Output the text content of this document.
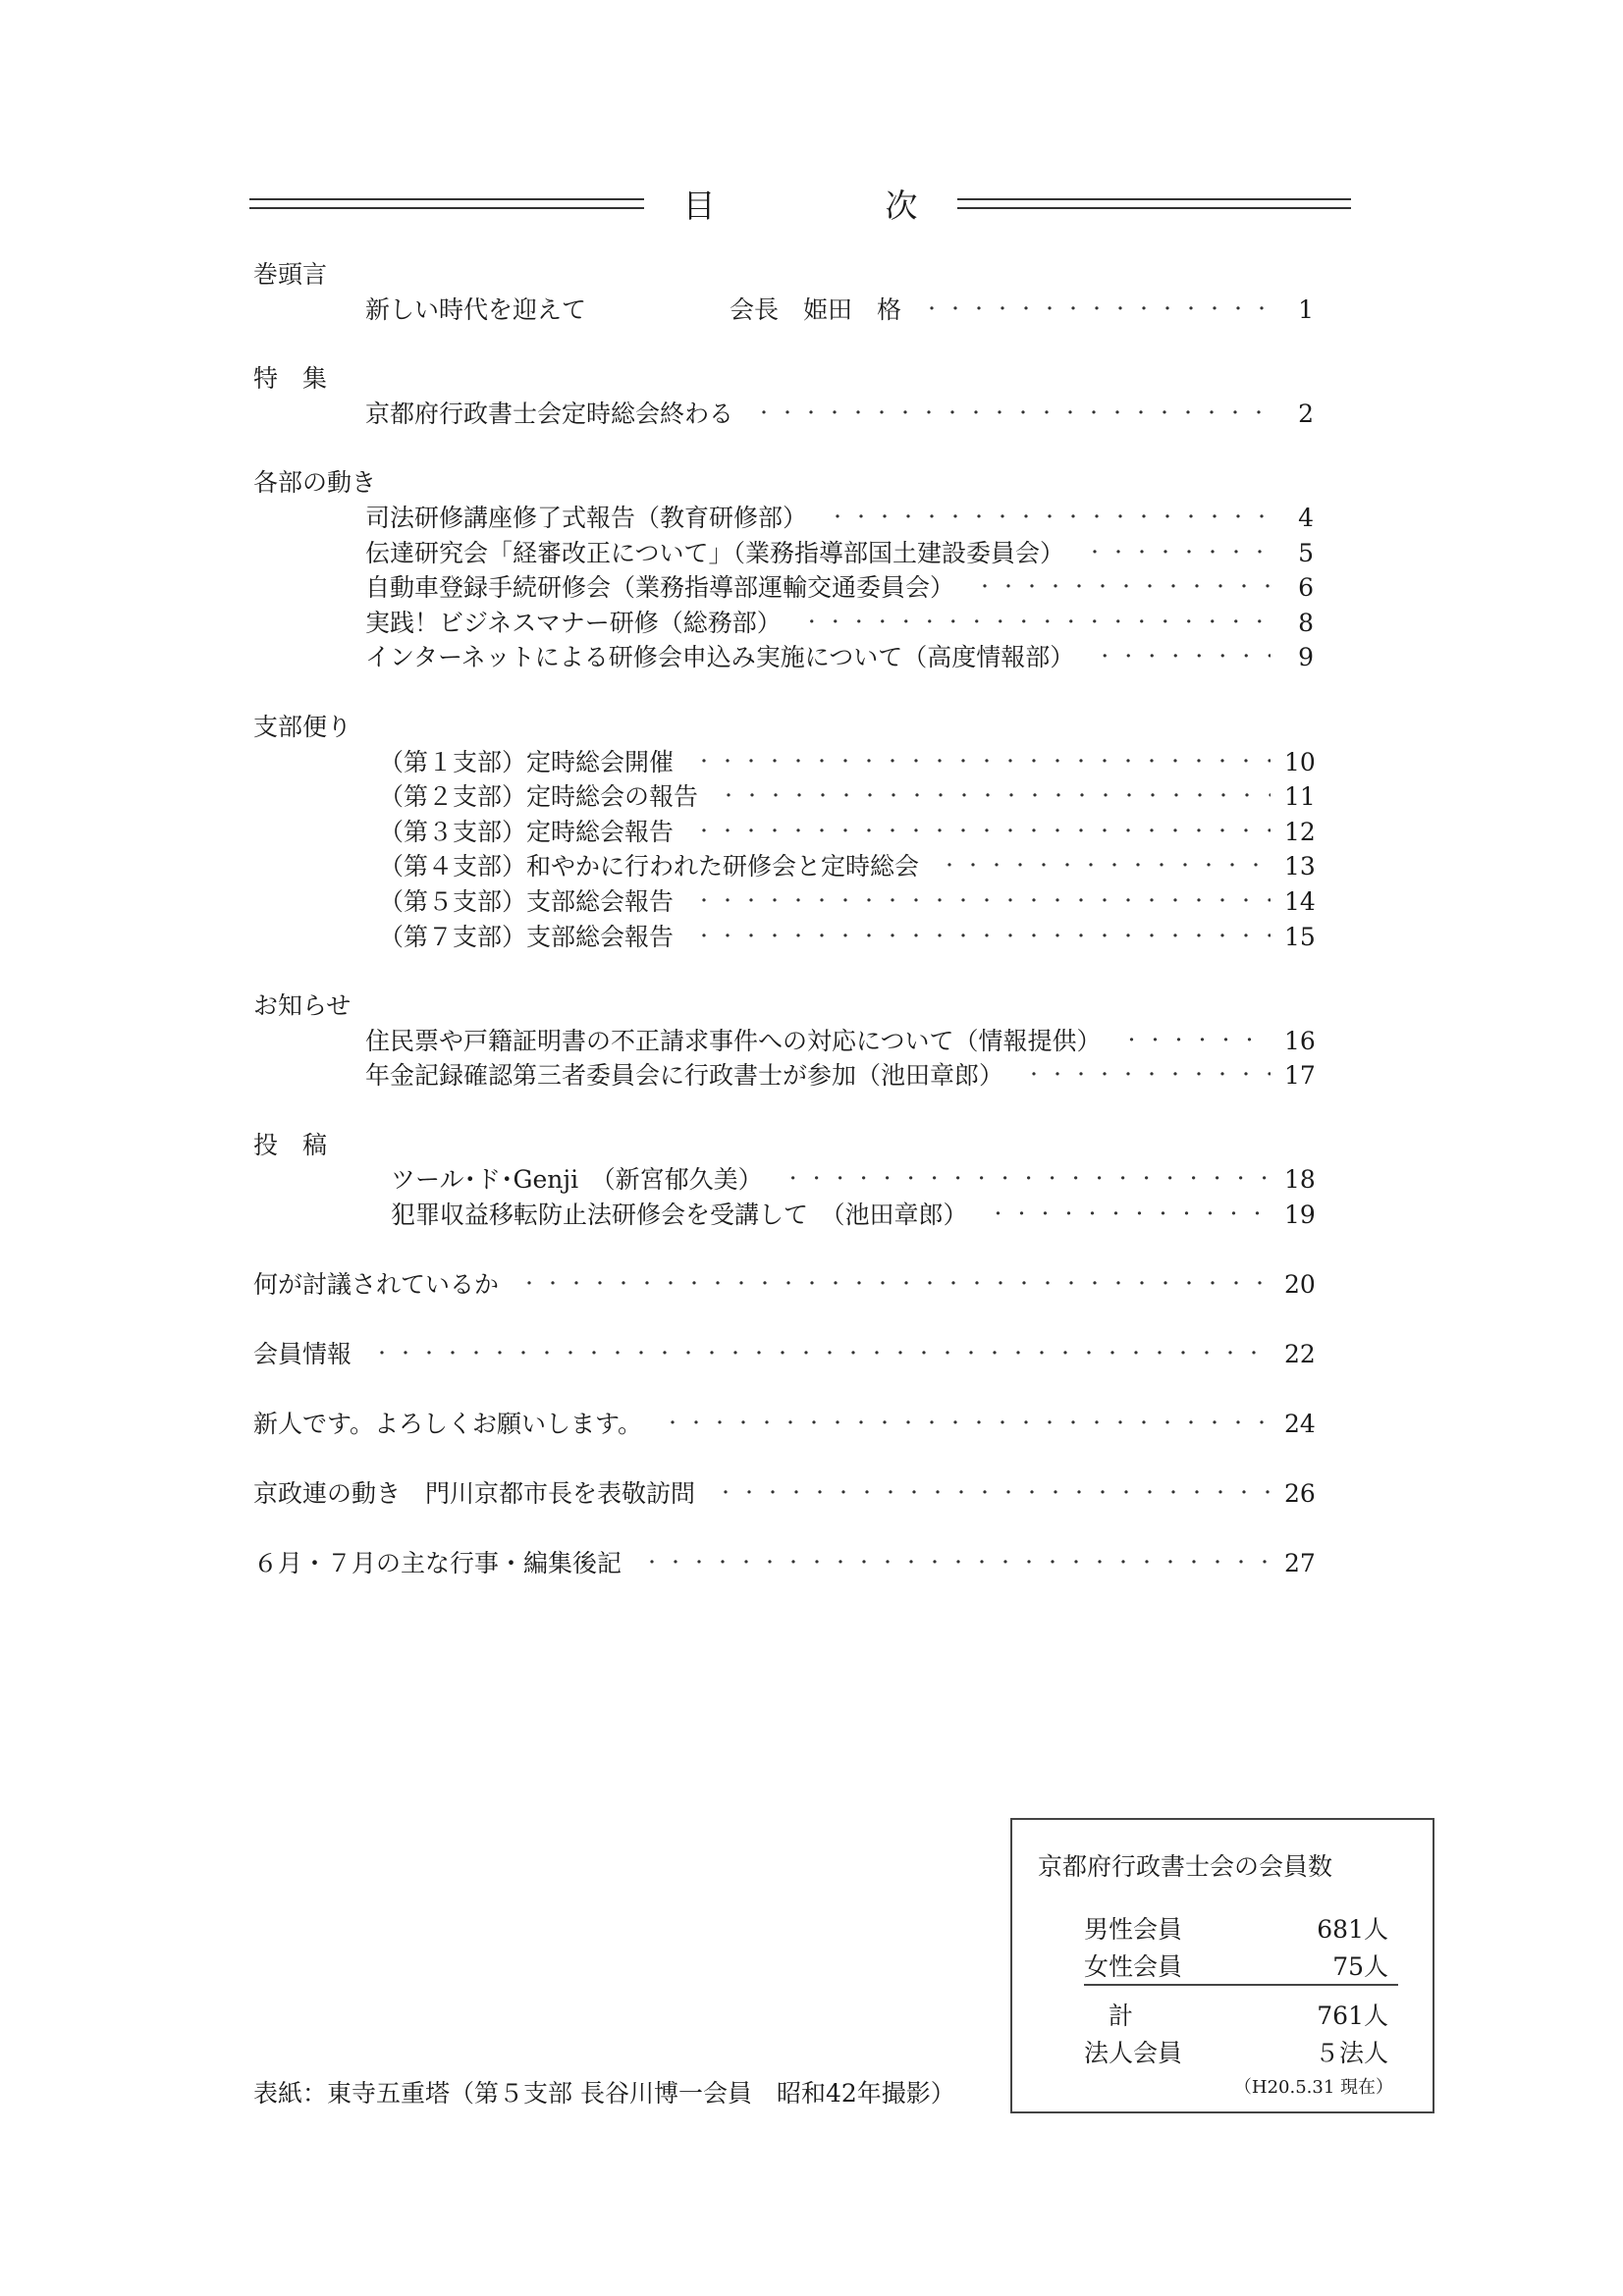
目　次
巻頭言
新しい時代を迎えて	会長　姫田　格 ・・・・・・・・・・・・・・・・・・・・・・・・・・・・・・・・・・・・・・・・・・・・・・・・・・・・・・・・・・・・・・・・・・・・・・・・・・・・・・・・・・・・・・・・・・・・・・・・・・・・・・・・・・・	1
特　集
京都府行政書士会定時総会終わる ・・・・・・・・・・・・・・・・・・・・・・・・・・・・・・・・・・・・・・・・・・・・・・・・・・・・・・・・・・・・・・・・・・・・・・・・・・・・・・・・・・・・・・・・・・・・・・・・・・・・・・・・・・・	2
各部の動き
司法研修講座修了式報告（教育研修部） ・・・・・・・・・・・・・・・・・・・・・・・・・・・・・・・・・・・・・・・・・・・・・・・・・・・・・・・・・・・・・・・・・・・・・・・・・・・・・・・・・・・・・・・・・・・・・・・・・・・・・・・・・・・	4
伝達研究会「経審改正について」（業務指導部国土建設委員会） ・・・・・・・・・・・・・・・・・・・・・・・・・・・・・・・・・・・・・・・・・・・・・・・・・・・・・・・・・・・・・・・・・・・・・・・・・・・・・・・・・・・・・・・・・・・・・・・・・・・・・・・・・・・	5
自動車登録手続研修会（業務指導部運輸交通委員会） ・・・・・・・・・・・・・・・・・・・・・・・・・・・・・・・・・・・・・・・・・・・・・・・・・・・・・・・・・・・・・・・・・・・・・・・・・・・・・・・・・・・・・・・・・・・・・・・・・・・・・・・・・・・	6
実践！ビジネスマナー研修（総務部） ・・・・・・・・・・・・・・・・・・・・・・・・・・・・・・・・・・・・・・・・・・・・・・・・・・・・・・・・・・・・・・・・・・・・・・・・・・・・・・・・・・・・・・・・・・・・・・・・・・・・・・・・・・・	8
インターネットによる研修会申込み実施について（高度情報部） ・・・・・・・・・・・・・・・・・・・・・・・・・・・・・・・・・・・・・・・・・・・・・・・・・・・・・・・・・・・・・・・・・・・・・・・・・・・・・・・・・・・・・・・・・・・・・・・・・・・・・・・・・・・	9
支部便り
（第１支部）定時総会開催 ・・・・・・・・・・・・・・・・・・・・・・・・・・・・・・・・・・・・・・・・・・・・・・・・・・・・・・・・・・・・・・・・・・・・・・・・・・・・・・・・・・・・・・・・・・・・・・・・・・・・・・・・・・・	10
（第２支部）定時総会の報告 ・・・・・・・・・・・・・・・・・・・・・・・・・・・・・・・・・・・・・・・・・・・・・・・・・・・・・・・・・・・・・・・・・・・・・・・・・・・・・・・・・・・・・・・・・・・・・・・・・・・・・・・・・・・	11
（第３支部）定時総会報告 ・・・・・・・・・・・・・・・・・・・・・・・・・・・・・・・・・・・・・・・・・・・・・・・・・・・・・・・・・・・・・・・・・・・・・・・・・・・・・・・・・・・・・・・・・・・・・・・・・・・・・・・・・・・	12
（第４支部）和やかに行われた研修会と定時総会 ・・・・・・・・・・・・・・・・・・・・・・・・・・・・・・・・・・・・・・・・・・・・・・・・・・・・・・・・・・・・・・・・・・・・・・・・・・・・・・・・・・・・・・・・・・・・・・・・・・・・・・・・・・・	13
（第５支部）支部総会報告 ・・・・・・・・・・・・・・・・・・・・・・・・・・・・・・・・・・・・・・・・・・・・・・・・・・・・・・・・・・・・・・・・・・・・・・・・・・・・・・・・・・・・・・・・・・・・・・・・・・・・・・・・・・・	14
（第７支部）支部総会報告 ・・・・・・・・・・・・・・・・・・・・・・・・・・・・・・・・・・・・・・・・・・・・・・・・・・・・・・・・・・・・・・・・・・・・・・・・・・・・・・・・・・・・・・・・・・・・・・・・・・・・・・・・・・・	15
お知らせ
住民票や戸籍証明書の不正請求事件への対応について（情報提供） ・・・・・・・・・・・・・・・・・・・・・・・・・・・・・・・・・・・・・・・・・・・・・・・・・・・・・・・・・・・・・・・・・・・・・・・・・・・・・・・・・・・・・・・・・・・・・・・・・・・・・・・・・・・	16
年金記録確認第三者委員会に行政書士が参加（池田章郎） ・・・・・・・・・・・・・・・・・・・・・・・・・・・・・・・・・・・・・・・・・・・・・・・・・・・・・・・・・・・・・・・・・・・・・・・・・・・・・・・・・・・・・・・・・・・・・・・・・・・・・・・・・・・	17
投　稿
ツール･ド･Genji　（新宮郁久美） ・・・・・・・・・・・・・・・・・・・・・・・・・・・・・・・・・・・・・・・・・・・・・・・・・・・・・・・・・・・・・・・・・・・・・・・・・・・・・・・・・・・・・・・・・・・・・・・・・・・・・・・・・・・	18
犯罪収益移転防止法研修会を受講して　（池田章郎） ・・・・・・・・・・・・・・・・・・・・・・・・・・・・・・・・・・・・・・・・・・・・・・・・・・・・・・・・・・・・・・・・・・・・・・・・・・・・・・・・・・・・・・・・・・・・・・・・・・・・・・・・・・・	19
何が討議されているか ・・・・・・・・・・・・・・・・・・・・・・・・・・・・・・・・・・・・・・・・・・・・・・・・・・・・・・・・・・・・・・・・・・・・・・・・・・・・・・・・・・・・・・・・・・・・・・・・・・・・・・・・・・・	20
会員情報 ・・・・・・・・・・・・・・・・・・・・・・・・・・・・・・・・・・・・・・・・・・・・・・・・・・・・・・・・・・・・・・・・・・・・・・・・・・・・・・・・・・・・・・・・・・・・・・・・・・・・・・・・・・・	22
新人です。よろしくお願いします。 ・・・・・・・・・・・・・・・・・・・・・・・・・・・・・・・・・・・・・・・・・・・・・・・・・・・・・・・・・・・・・・・・・・・・・・・・・・・・・・・・・・・・・・・・・・・・・・・・・・・・・・・・・・・	24
京政連の動き　門川京都市長を表敬訪問 ・・・・・・・・・・・・・・・・・・・・・・・・・・・・・・・・・・・・・・・・・・・・・・・・・・・・・・・・・・・・・・・・・・・・・・・・・・・・・・・・・・・・・・・・・・・・・・・・・・・・・・・・・・・	26
６月・７月の主な行事・編集後記 ・・・・・・・・・・・・・・・・・・・・・・・・・・・・・・・・・・・・・・・・・・・・・・・・・・・・・・・・・・・・・・・・・・・・・・・・・・・・・・・・・・・・・・・・・・・・・・・・・・・・・・・・・・・	27
京都府行政書士会の会員数
男性会員	681人
女性会員	75人
計	761人
法人会員	５法人
（H20.5.31 現在）
表紙：東寺五重塔（第５支部 長谷川博一会員　昭和42年撮影）
